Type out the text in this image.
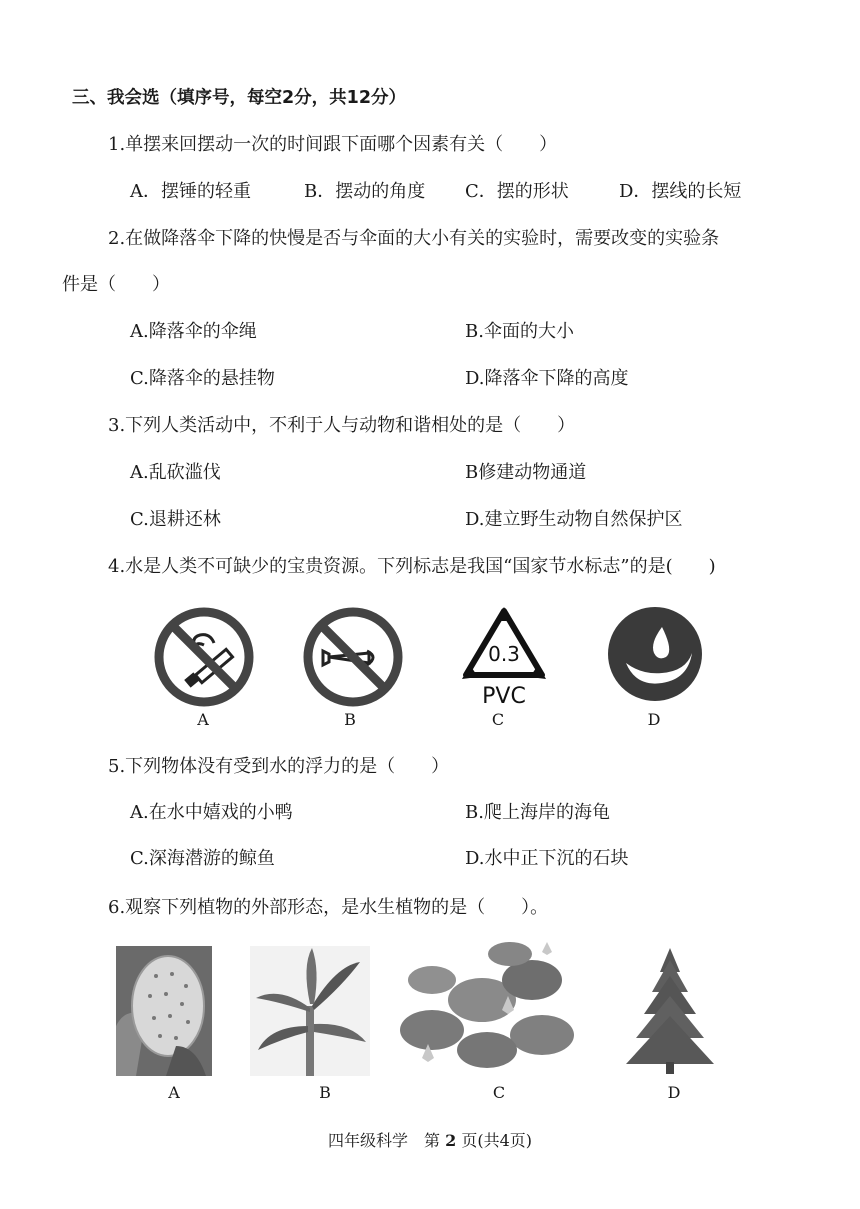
三、我会选（填序号，每空2分，共12分）
1.单摆来回摆动一次的时间跟下面哪个因素有关（　　）
A．摆锤的轻重	B．摆动的角度 C．摆的形状	D．摆线的长短
2.在做降落伞下降的快慢是否与伞面的大小有关的实验时，需要改变的实验条
件是（　　）
A.降落伞的伞绳	B.伞面的大小
C.降落伞的悬挂物	D.降落伞下降的高度
3.下列人类活动中，不利于人与动物和谐相处的是（　　）
A.乱砍滥伐	B修建动物通道
C.退耕还林	D.建立野生动物自然保护区
4.水是人类不可缺少的宝贵资源。下列标志是我国“国家节水标志”的是(　　)
A	B
0.3
PVC
C	D
5.下列物体没有受到水的浮力的是（　　）
A.在水中嬉戏的小鸭	B.爬上海岸的海龟
C.深海潜游的鲸鱼	D.水中正下沉的石块
6.观察下列植物的外部形态，是水生植物的是（　　）。
A	B	C	D
四年级科学　第 2 页(共4页)
